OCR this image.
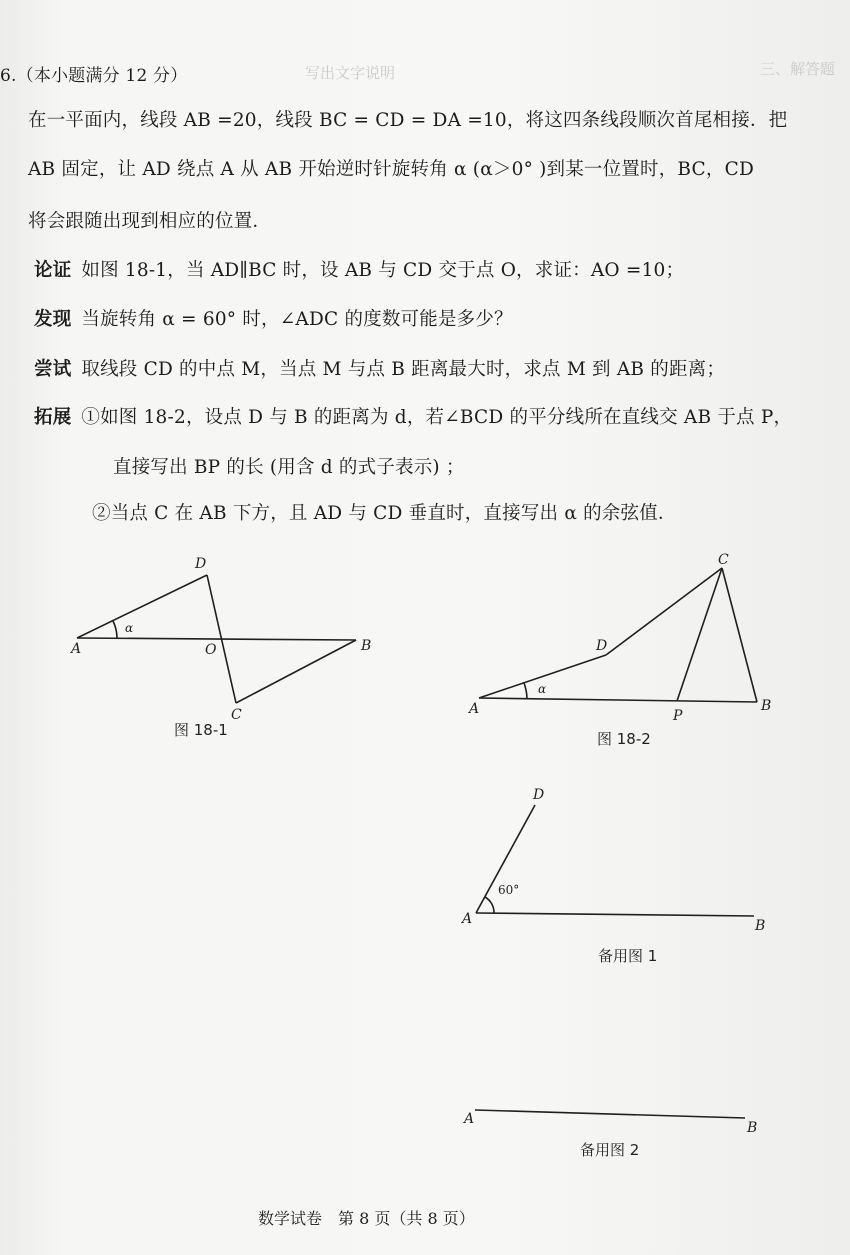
三、解答题
写出文字说明
6.（本小题满分 12 分）
在一平面内，线段 AB =20，线段 BC = CD = DA =10，将这四条线段顺次首尾相接．把
AB 固定，让 AD 绕点 A 从 AB 开始逆时针旋转角 α (α＞0° )到某一位置时，BC，CD
将会跟随出现到相应的位置．
论证 如图 18-1，当 AD∥BC 时，设 AB 与 CD 交于点 O，求证：AO =10；
发现 当旋转角 α = 60° 时，∠ADC 的度数可能是多少？
尝试 取线段 CD 的中点 M，当点 M 与点 B 距离最大时，求点 M 到 AB 的距离；
拓展 ①如图 18-2，设点 D 与 B 的距离为 d，若∠BCD 的平分线所在直线交 AB 于点 P，
直接写出 BP 的长 (用含 d 的式子表示) ；
②当点 C 在 AB 下方，且 AD 与 CD 垂直时，直接写出 α 的余弦值．
D
α
A	O	B
C
图 18-1
C
D
α
A	P
B
图 18-2
D
60°
A	B
备用图 1
A
B
备用图 2
数学试卷　第 8 页（共 8 页）
